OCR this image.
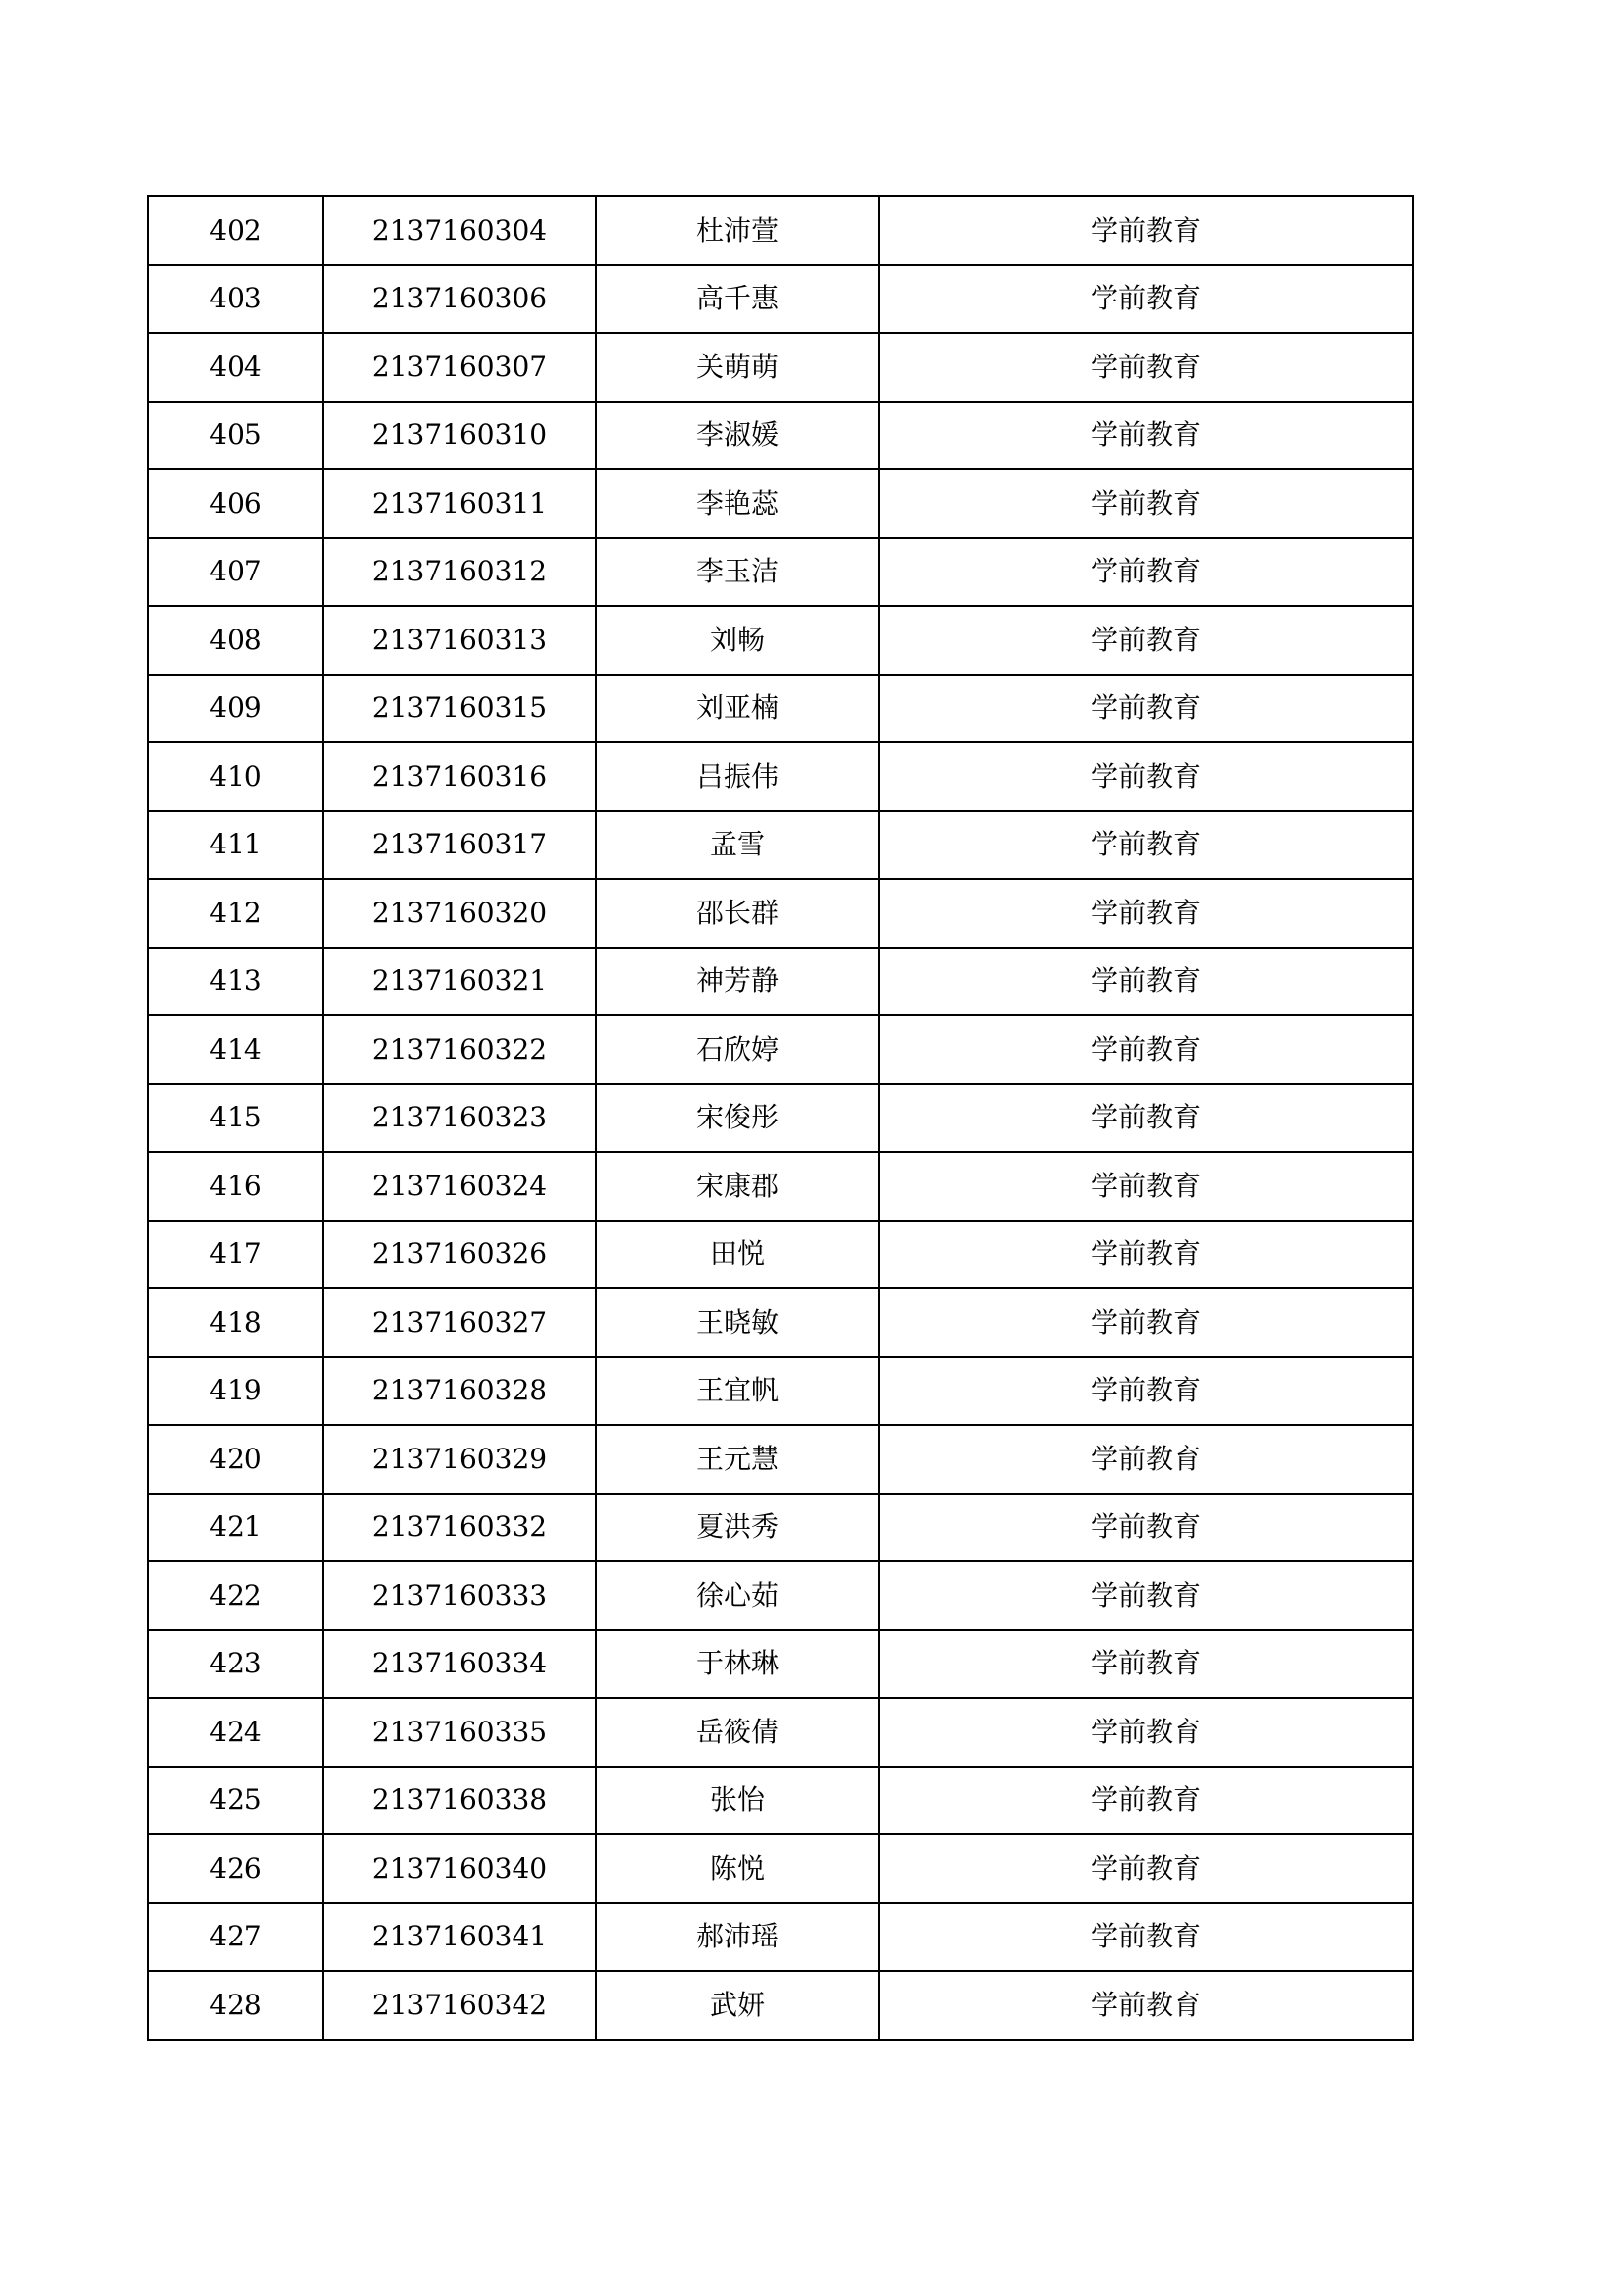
402	2137160304	杜沛萱	学前教育
403	2137160306	高千惠	学前教育
404	2137160307	关萌萌	学前教育
405	2137160310	李淑媛	学前教育
406	2137160311	李艳蕊	学前教育
407	2137160312	李玉洁	学前教育
408	2137160313	刘畅	学前教育
409	2137160315	刘亚楠	学前教育
410	2137160316	吕振伟	学前教育
411	2137160317	孟雪	学前教育
412	2137160320	邵长群	学前教育
413	2137160321	神芳静	学前教育
414	2137160322	石欣婷	学前教育
415	2137160323	宋俊彤	学前教育
416	2137160324	宋康郡	学前教育
417	2137160326	田悦	学前教育
418	2137160327	王晓敏	学前教育
419	2137160328	王宜帆	学前教育
420	2137160329	王元慧	学前教育
421	2137160332	夏洪秀	学前教育
422	2137160333	徐心茹	学前教育
423	2137160334	于林琳	学前教育
424	2137160335	岳筱倩	学前教育
425	2137160338	张怡	学前教育
426	2137160340	陈悦	学前教育
427	2137160341	郝沛瑶	学前教育
428	2137160342	武妍	学前教育
